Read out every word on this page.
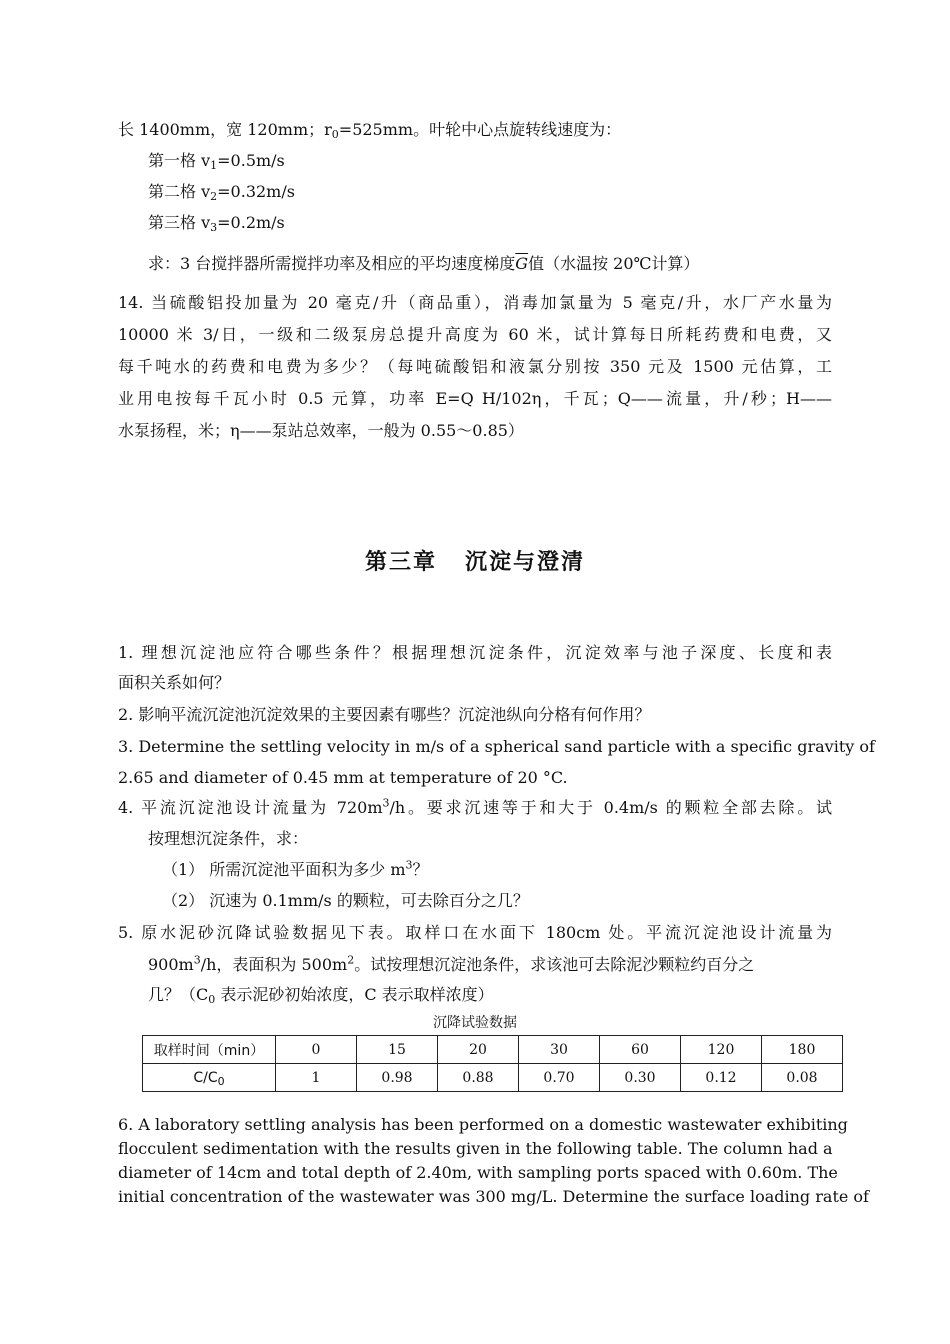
长 1400mm，宽 120mm；$r_0=525mm$。叶轮中心点旋转线速度为：
第一格 $v_1=0.5m/s$
第二格 $v_2=0.32m/s$
第三格 $v_3=0.2m/s$
求：3 台搅拌器所需搅拌功率及相应的平均速度梯度$\overline{G}$值（水温按 20℃计算）
14. 当硫酸铝投加量为 20 毫克/升（商品重），消毒加氯量为 5 毫克/升，水厂产水量为
10000 米 3/日，一级和二级泵房总提升高度为 60 米，试计算每日所耗药费和电费，又
每千吨水的药费和电费为多少？（每吨硫酸铝和液氯分别按 350 元及 1500 元估算，工
业用电按每千瓦小时 0.5 元算，功率 E=Q H/102η，千瓦；Q——流量，升/秒；H——
水泵扬程，米；η——泵站总效率，一般为 0.55～0.85）
第三章 沉淀与澄清
1. 理想沉淀池应符合哪些条件？根据理想沉淀条件，沉淀效率与池子深度、长度和表
面积关系如何？
2. 影响平流沉淀池沉淀效果的主要因素有哪些？沉淀池纵向分格有何作用？
3. Determine the settling velocity in m/s of a spherical sand particle with a specific gravity of
2.65 and diameter of 0.45 mm at temperature of 20 °C.
4. 平流沉淀池设计流量为 $720m^3/h$。要求沉速等于和大于 0.4m/s 的颗粒全部去除。试
按理想沉淀条件，求：
（1） 所需沉淀池平面积为多少 $m^3$？
（2） 沉速为 0.1mm/s 的颗粒，可去除百分之几？
5. 原水泥砂沉降试验数据见下表。取样口在水面下 180cm 处。平流沉淀池设计流量为
$900m^3/h$，表面积为 $500m^2$。试按理想沉淀池条件，求该池可去除泥沙颗粒约百分之
几？（$C_0$ 表示泥砂初始浓度，C 表示取样浓度）
沉降试验数据
取样时间（min）	0	15	20	30	60	120	180
$C/C_0$	1	0.98	0.88	0.70	0.30	0.12	0.08
6. A laboratory settling analysis has been performed on a domestic wastewater exhibiting
flocculent sedimentation with the results given in the following table. The column had a
diameter of 14cm and total depth of 2.40m, with sampling ports spaced with 0.60m. The
initial concentration of the wastewater was 300 mg/L. Determine the surface loading rate of
